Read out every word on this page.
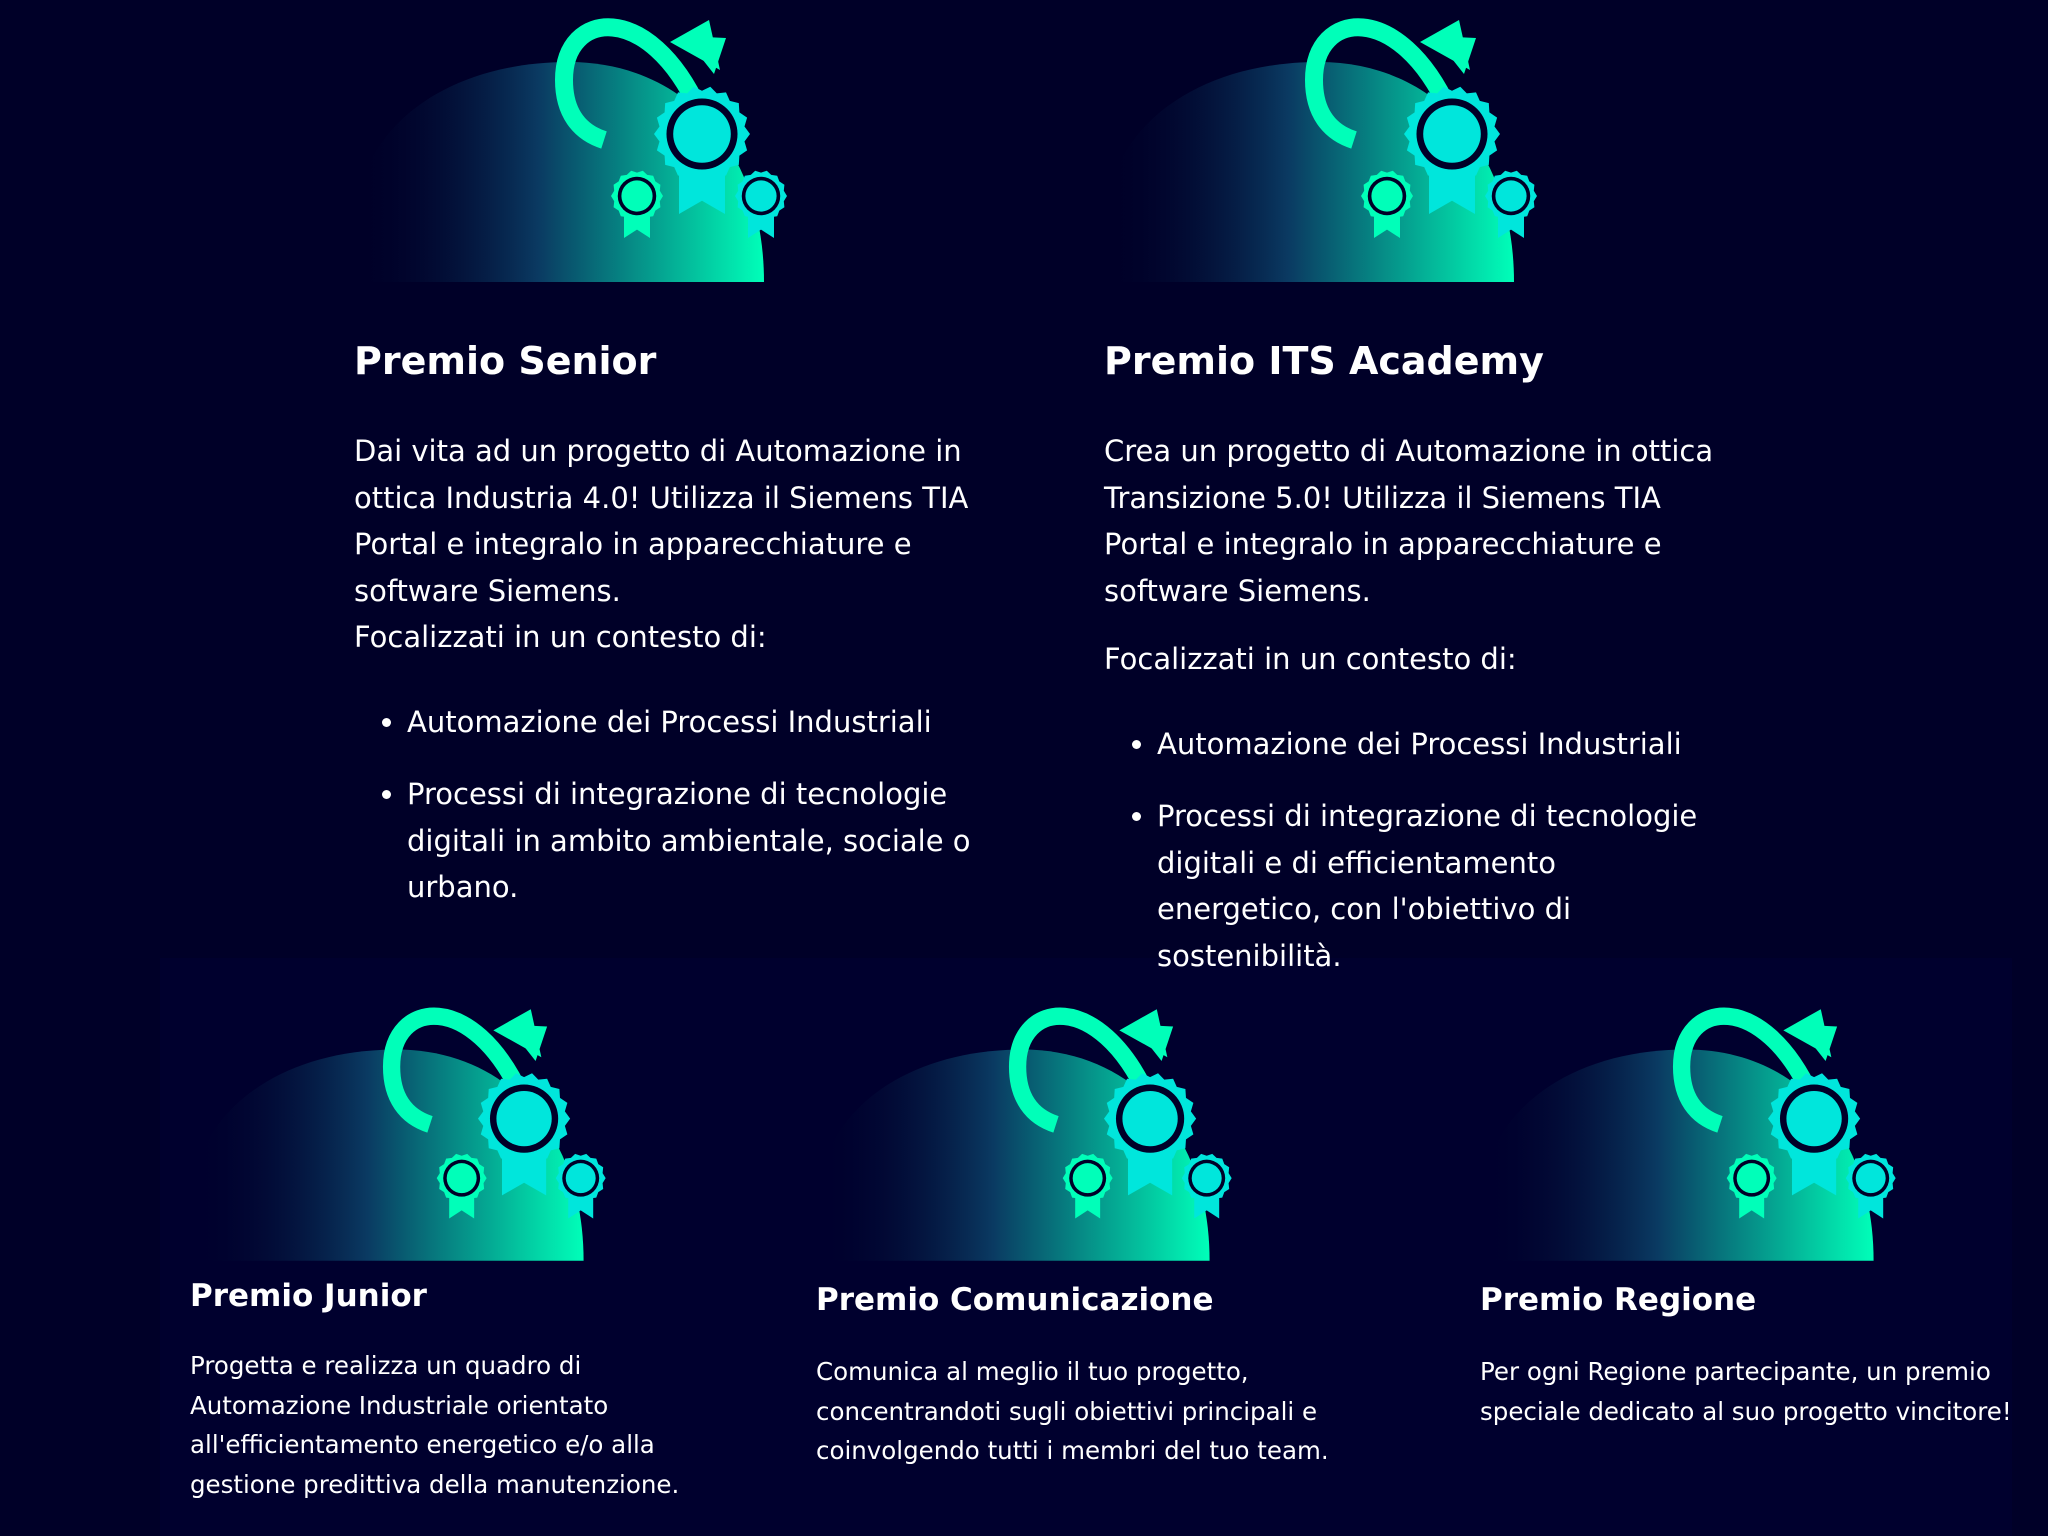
Premio Senior

Dai vita ad un progetto di Automazione in ottica Industria 4.0! Utilizza il Siemens TIA Portal e integralo in apparecchiature e software Siemens.

Focalizzati in un contesto di:

• Automazione dei Processi Industriali
• Processi di integrazione di tecnologie digitali in ambito ambientale, sociale o urbano.
Premio ITS Academy

Crea un progetto di Automazione in ottica Transizione 5.0! Utilizza il Siemens TIA Portal e integralo in apparecchiature e software Siemens.

Focalizzati in un contesto di:

• Automazione dei Processi Industriali
• Processi di integrazione di tecnologie digitali e di efficientamento energetico, con l'obiettivo di sostenibilità.
Premio Junior

Progetta e realizza un quadro di Automazione Industriale orientato all'efficientamento energetico e/o alla gestione predittiva della manutenzione.

Premio Comunicazione

Comunica al meglio il tuo progetto, concentrandoti sugli obiettivi principali e coinvolgendo tutti i membri del tuo team.

Premio Regione

Per ogni Regione partecipante, un premio speciale dedicato al suo progetto vincitore!
